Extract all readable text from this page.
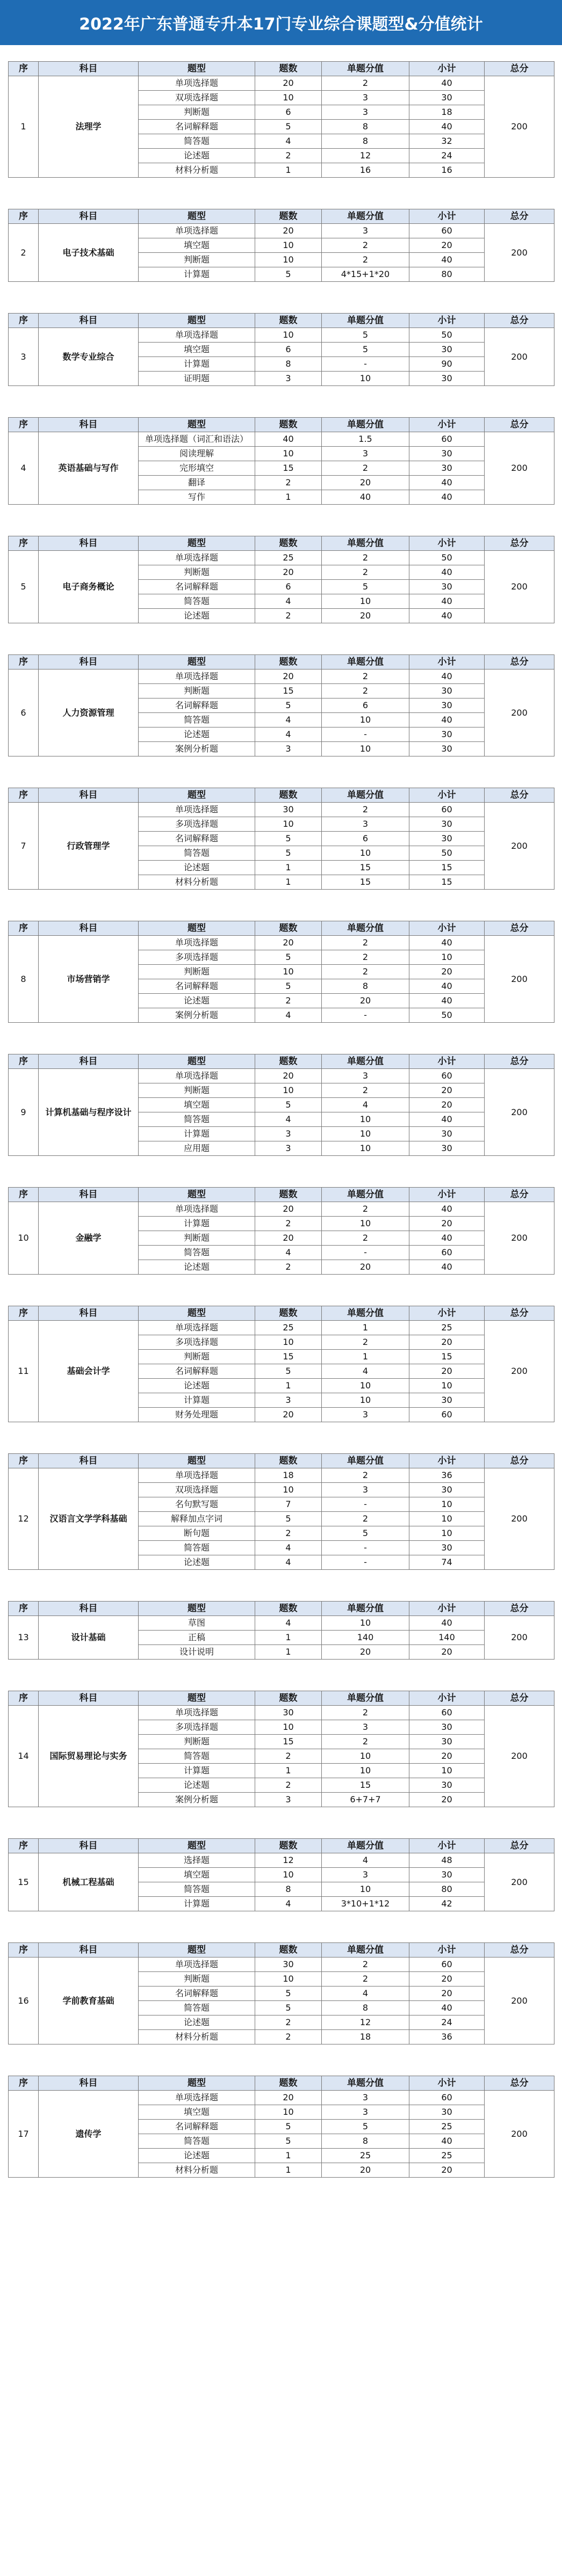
2022年广东普通专升本17门专业综合课题型&分值统计
序	科目	题型	题数	单题分值	小计	总分
1	法理学	单项选择题	20	2	40	200
		双项选择题	10	3	30	
		判断题	6	3	18	
		名词解释题	5	8	40	
		简答题	4	8	32	
		论述题	2	12	24	
		材料分析题	1	16	16	
序	科目	题型	题数	单题分值	小计	总分
2	电子技术基础	单项选择题	20	3	60	200
		填空题	10	2	20	
		判断题	10	2	40	
		计算题	5	4*15+1*20	80	
序	科目	题型	题数	单题分值	小计	总分
3	数学专业综合	单项选择题	10	5	50	200
		填空题	6	5	30	
		计算题	8	-	90	
		证明题	3	10	30	
序	科目	题型	题数	单题分值	小计	总分
4	英语基础与写作	单项选择题（词汇和语法）	40	1.5	60	200
		阅读理解	10	3	30	
		完形填空	15	2	30	
		翻译	2	20	40	
		写作	1	40	40	
序	科目	题型	题数	单题分值	小计	总分
5	电子商务概论	单项选择题	25	2	50	200
		判断题	20	2	40	
		名词解释题	6	5	30	
		简答题	4	10	40	
		论述题	2	20	40	
序	科目	题型	题数	单题分值	小计	总分
6	人力资源管理	单项选择题	20	2	40	200
		判断题	15	2	30	
		名词解释题	5	6	30	
		简答题	4	10	40	
		论述题	4	-	30	
		案例分析题	3	10	30	
序	科目	题型	题数	单题分值	小计	总分
7	行政管理学	单项选择题	30	2	60	200
		多项选择题	10	3	30	
		名词解释题	5	6	30	
		简答题	5	10	50	
		论述题	1	15	15	
		材料分析题	1	15	15	
序	科目	题型	题数	单题分值	小计	总分
8	市场营销学	单项选择题	20	2	40	200
		多项选择题	5	2	10	
		判断题	10	2	20	
		名词解释题	5	8	40	
		论述题	2	20	40	
		案例分析题	4	-	50	
序	科目	题型	题数	单题分值	小计	总分
9	计算机基础与程序设计	单项选择题	20	3	60	200
		判断题	10	2	20	
		填空题	5	4	20	
		简答题	4	10	40	
		计算题	3	10	30	
		应用题	3	10	30	
序	科目	题型	题数	单题分值	小计	总分
10	金融学	单项选择题	20	2	40	200
		计算题	2	10	20	
		判断题	20	2	40	
		简答题	4	-	60	
		论述题	2	20	40	
序	科目	题型	题数	单题分值	小计	总分
11	基础会计学	单项选择题	25	1	25	200
		多项选择题	10	2	20	
		判断题	15	1	15	
		名词解释题	5	4	20	
		论述题	1	10	10	
		计算题	3	10	30	
		财务处理题	20	3	60	
序	科目	题型	题数	单题分值	小计	总分
12	汉语言文学学科基础	单项选择题	18	2	36	200
		双项选择题	10	3	30	
		名句默写题	7	-	10	
		解释加点字词	5	2	10	
		断句题	2	5	10	
		简答题	4	-	30	
		论述题	4	-	74	
序	科目	题型	题数	单题分值	小计	总分
13	设计基础	草图	4	10	40	200
		正稿	1	140	140	
		设计说明	1	20	20	
序	科目	题型	题数	单题分值	小计	总分
14	国际贸易理论与实务	单项选择题	30	2	60	200
		多项选择题	10	3	30	
		判断题	15	2	30	
		简答题	2	10	20	
		计算题	1	10	10	
		论述题	2	15	30	
		案例分析题	3	6+7+7	20	
序	科目	题型	题数	单题分值	小计	总分
15	机械工程基础	选择题	12	4	48	200
		填空题	10	3	30	
		简答题	8	10	80	
		计算题	4	3*10+1*12	42	
序	科目	题型	题数	单题分值	小计	总分
16	学前教育基础	单项选择题	30	2	60	200
		判断题	10	2	20	
		名词解释题	5	4	20	
		简答题	5	8	40	
		论述题	2	12	24	
		材料分析题	2	18	36	
序	科目	题型	题数	单题分值	小计	总分
17	遗传学	单项选择题	20	3	60	200
		填空题	10	3	30	
		名词解释题	5	5	25	
		简答题	5	8	40	
		论述题	1	25	25	
		材料分析题	1	20	20	
